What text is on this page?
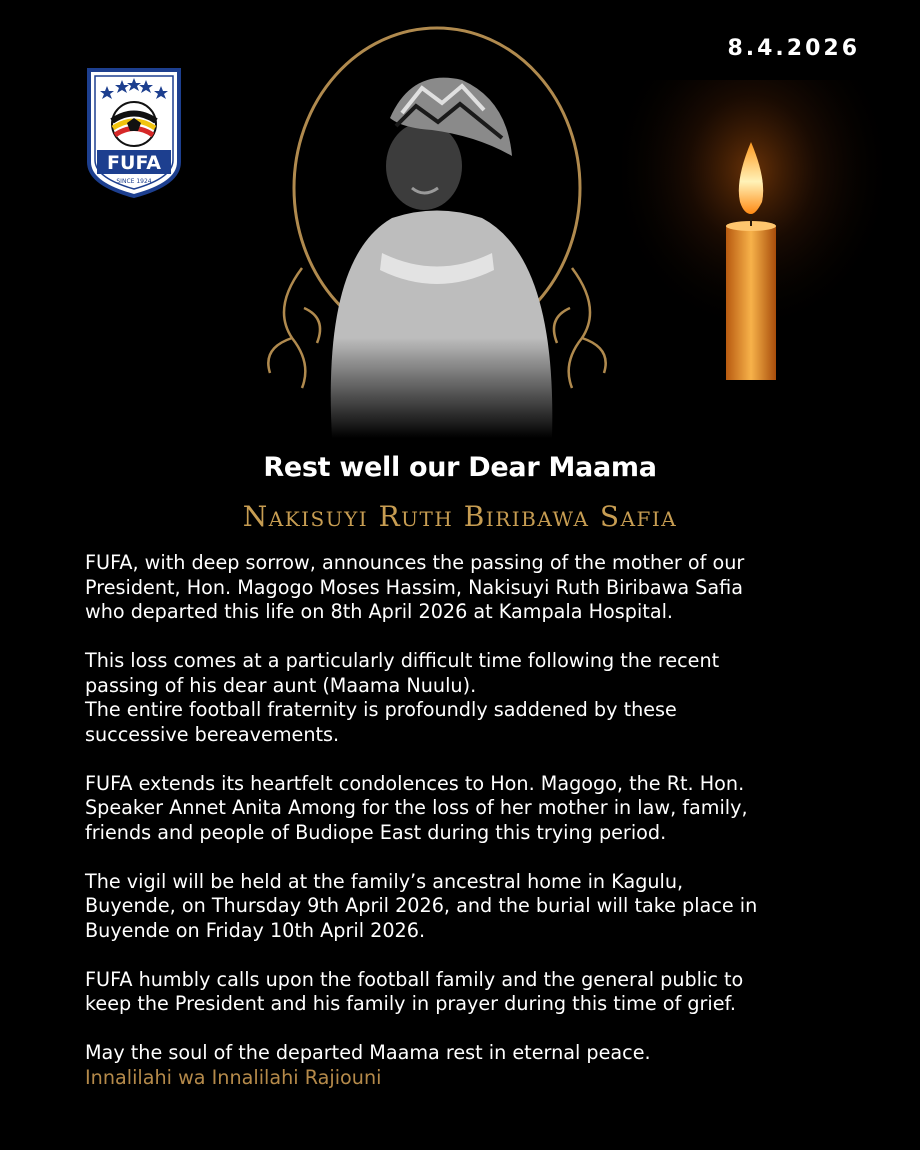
8.4.2026
FUFA
SINCE 1924
Rest well our Dear Maama
Nakisuyi Ruth Biribawa Safia

FUFA, with deep sorrow, announces the passing of the mother of our
President, Hon. Magogo Moses Hassim, Nakisuyi Ruth Biribawa Safia
who departed this life on 8th April 2026 at Kampala Hospital.

This loss comes at a particularly difficult time following the recent
passing of his dear aunt (Maama Nuulu).
The entire football fraternity is profoundly saddened by these
successive bereavements.

FUFA extends its heartfelt condolences to Hon. Magogo, the Rt. Hon.
Speaker Annet Anita Among for the loss of her mother in law, family,
friends and people of Budiope East during this trying period.

The vigil will be held at the family’s ancestral home in Kagulu,
Buyende, on Thursday 9th April 2026, and the burial will take place in
Buyende on Friday 10th April 2026.

FUFA humbly calls upon the football family and the general public to
keep the President and his family in prayer during this time of grief.

May the soul of the departed Maama rest in eternal peace.
Innalilahi wa Innalilahi Rajiouni
